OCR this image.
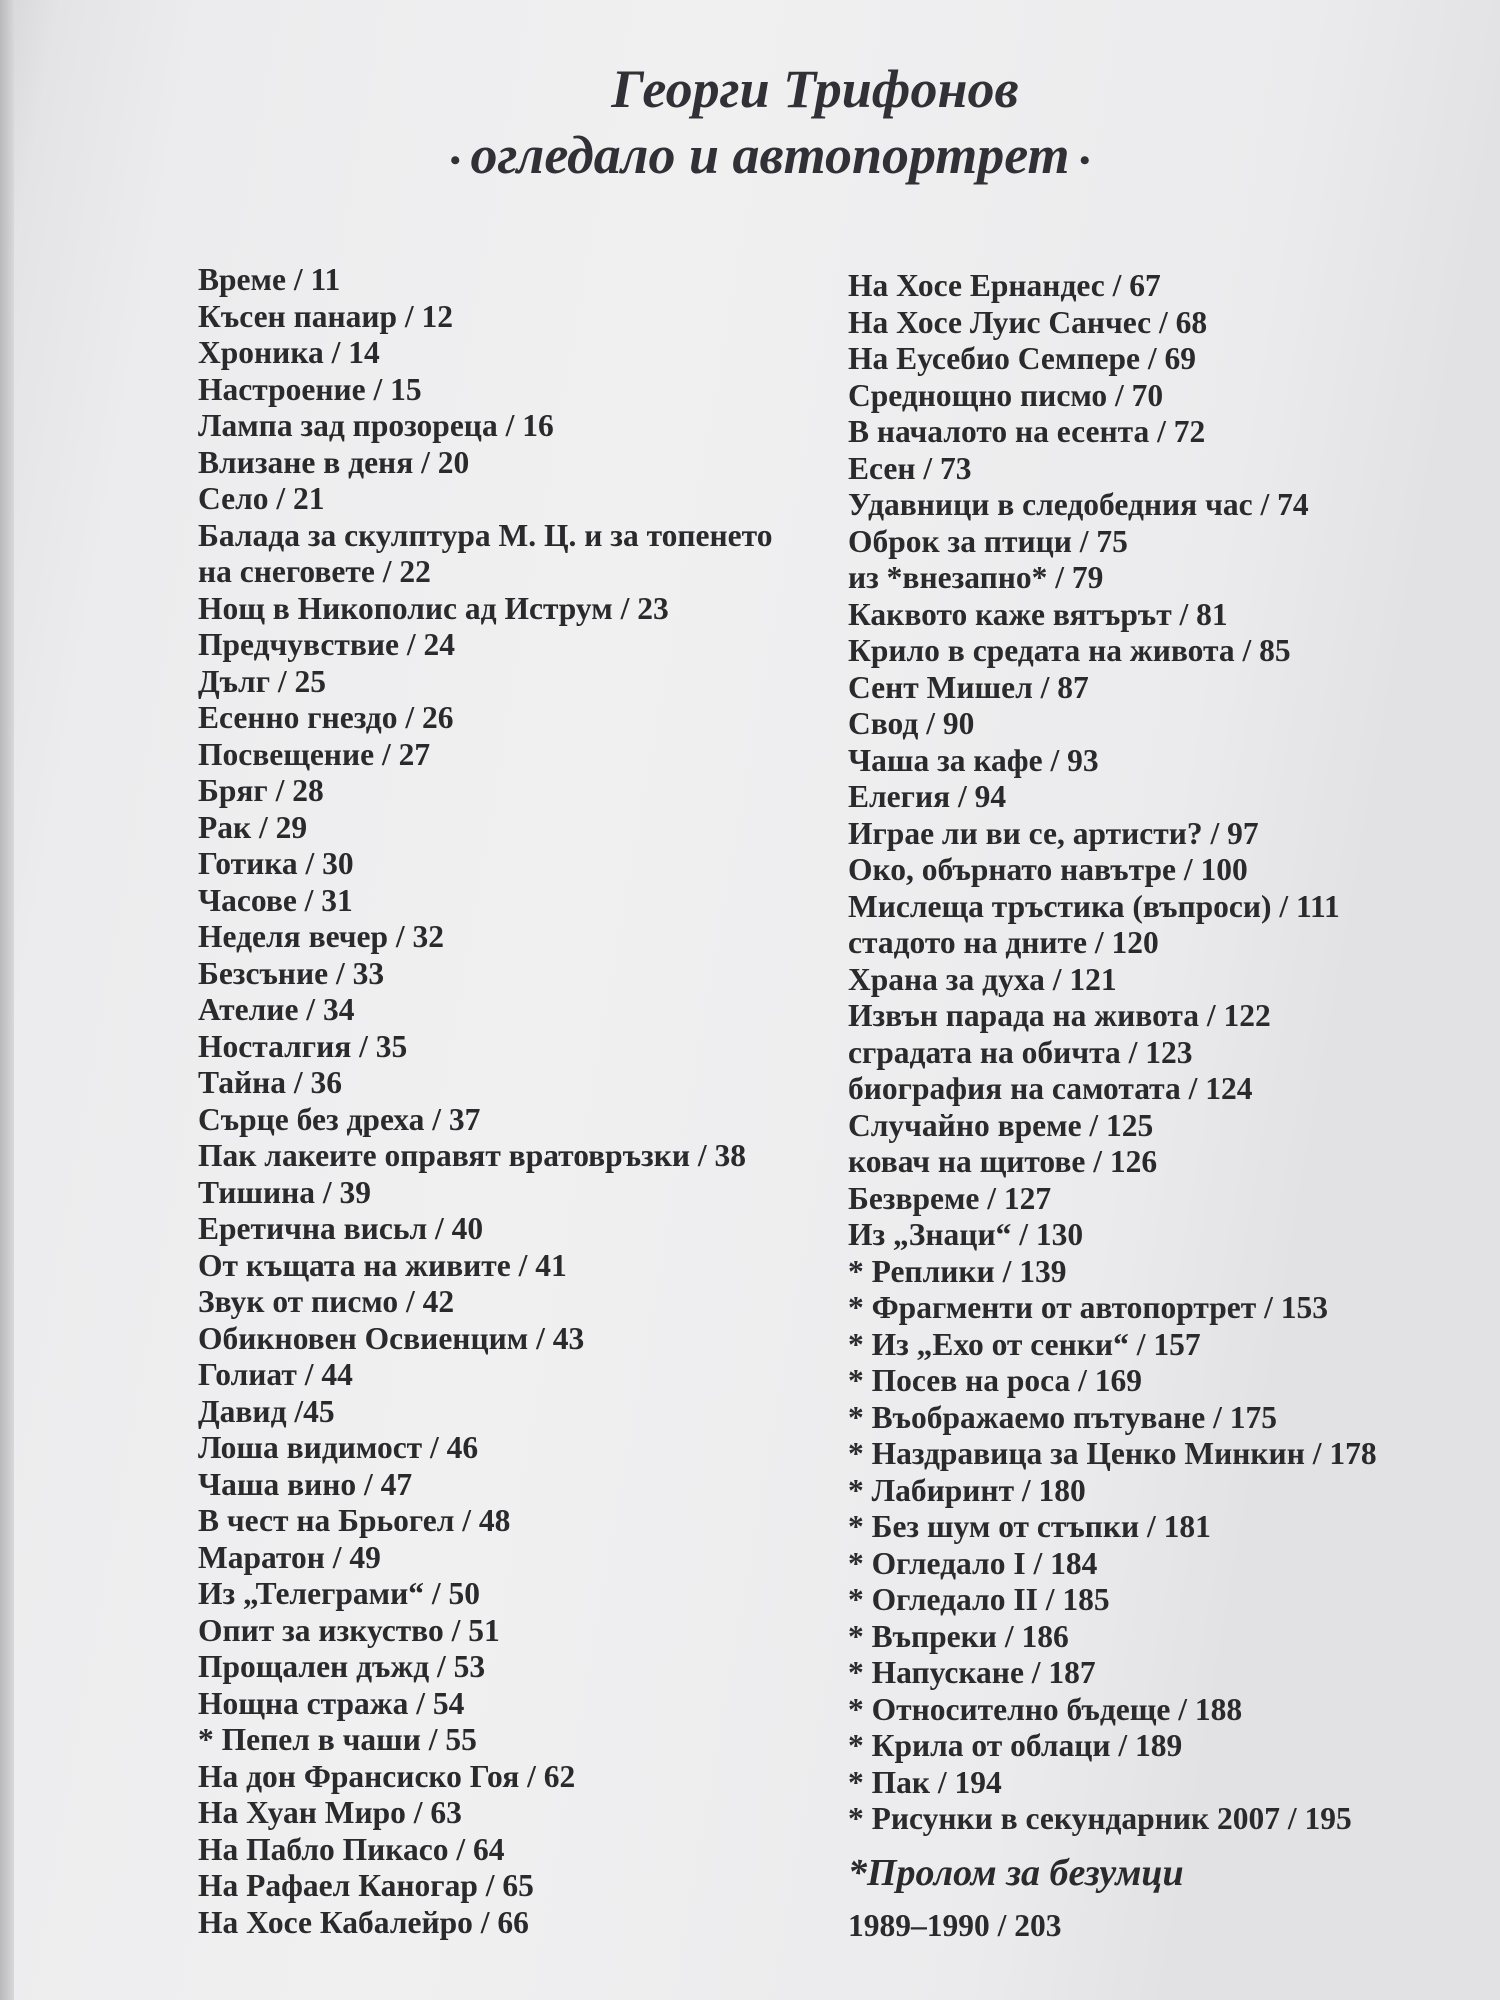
Георги Трифонов
• огледало и автопортрет •
Време / 11
Късен панаир / 12
Хроника / 14
Настроение / 15
Лампа зад прозореца / 16
Влизане в деня / 20
Село / 21
Балада за скулптура М. Ц. и за топенето
на снеговете / 22
Нощ в Никополис ад Иструм / 23
Предчувствие / 24
Дълг / 25
Есенно гнездо / 26
Посвещение / 27
Бряг / 28
Рак / 29
Готика / 30
Часове / 31
Неделя вечер / 32
Безсъние / 33
Ателие / 34
Носталгия / 35
Тайна / 36
Сърце без дреха / 37
Пак лакеите оправят вратовръзки / 38
Тишина / 39
Еретична висьл / 40
От къщата на живите / 41
Звук от писмо / 42
Обикновен Освиенцим / 43
Голиат / 44
Давид /45
Лоша видимост / 46
Чаша вино / 47
В чест на Брьогел / 48
Маратон / 49
Из „Телеграми“ / 50
Опит за изкуство / 51
Прощален дъжд / 53
Нощна стража / 54
* Пепел в чаши / 55
На дон Франсиско Гоя / 62
На Хуан Миро / 63
На Пабло Пикасо / 64
На Рафаел Каногар / 65
На Хосе Кабалейро / 66
На Хосе Ернандес / 67
На Хосе Луис Санчес / 68
На Еусебио Семпере / 69
Среднощно писмо / 70
В началото на есента / 72
Есен / 73
Удавници в следобедния час / 74
Оброк за птици / 75
из *внезапно* / 79
Каквото каже вятърът / 81
Крило в средата на живота / 85
Сент Мишел / 87
Свод / 90
Чаша за кафе / 93
Елегия / 94
Играе ли ви се, артисти? / 97
Око, обърнато навътре / 100
Мислеща тръстика (въпроси) / 111
стадото на дните / 120
Храна за духа / 121
Извън парада на живота / 122
сградата на обичта / 123
биография на самотата / 124
Случайно време / 125
ковач на щитове / 126
Безвреме / 127
Из „Знаци“ / 130
* Реплики / 139
* Фрагменти от автопортрет / 153
* Из „Ехо от сенки“ / 157
* Посев на роса / 169
* Въображаемо пътуване / 175
* Наздравица за Ценко Минкин / 178
* Лабиринт / 180
* Без шум от стъпки / 181
* Огледало I / 184
* Огледало II / 185
* Въпреки / 186
* Напускане / 187
* Относително бъдеще / 188
* Крила от облаци / 189
* Пак / 194
* Рисунки в секундарник 2007 / 195
*Пролом за безумци
1989–1990 / 203
